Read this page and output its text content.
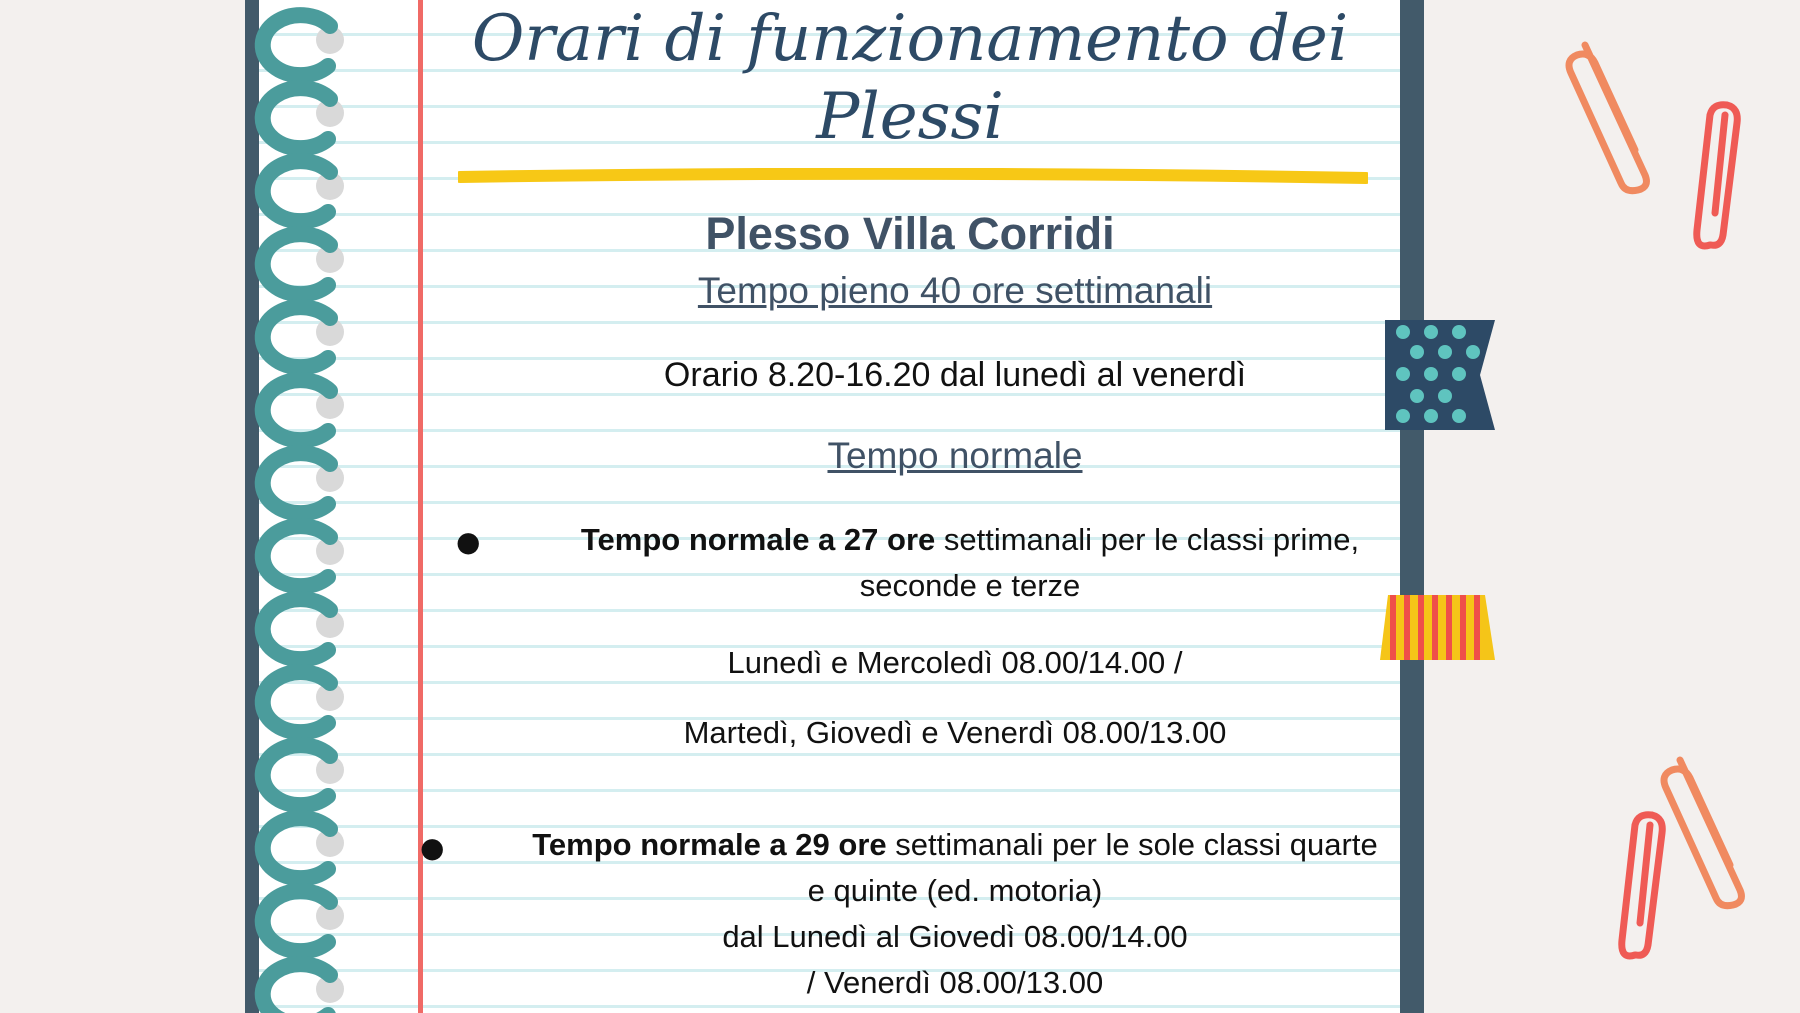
Orari di funzionamento dei
Plessi
Plesso Villa Corridi
Tempo pieno 40 ore settimanali
Orario 8.20-16.20 dal lunedì al venerdì
Tempo normale
●	Tempo normale a 27 ore settimanali per le classi prime,
seconde e terze
Lunedì e Mercoledì 08.00/14.00 /
Martedì, Giovedì e Venerdì 08.00/13.00
●	Tempo normale a 29 ore settimanali per le sole classi quarte
e quinte (ed. motoria)
dal Lunedì al Giovedì 08.00/14.00
/ Venerdì 08.00/13.00
